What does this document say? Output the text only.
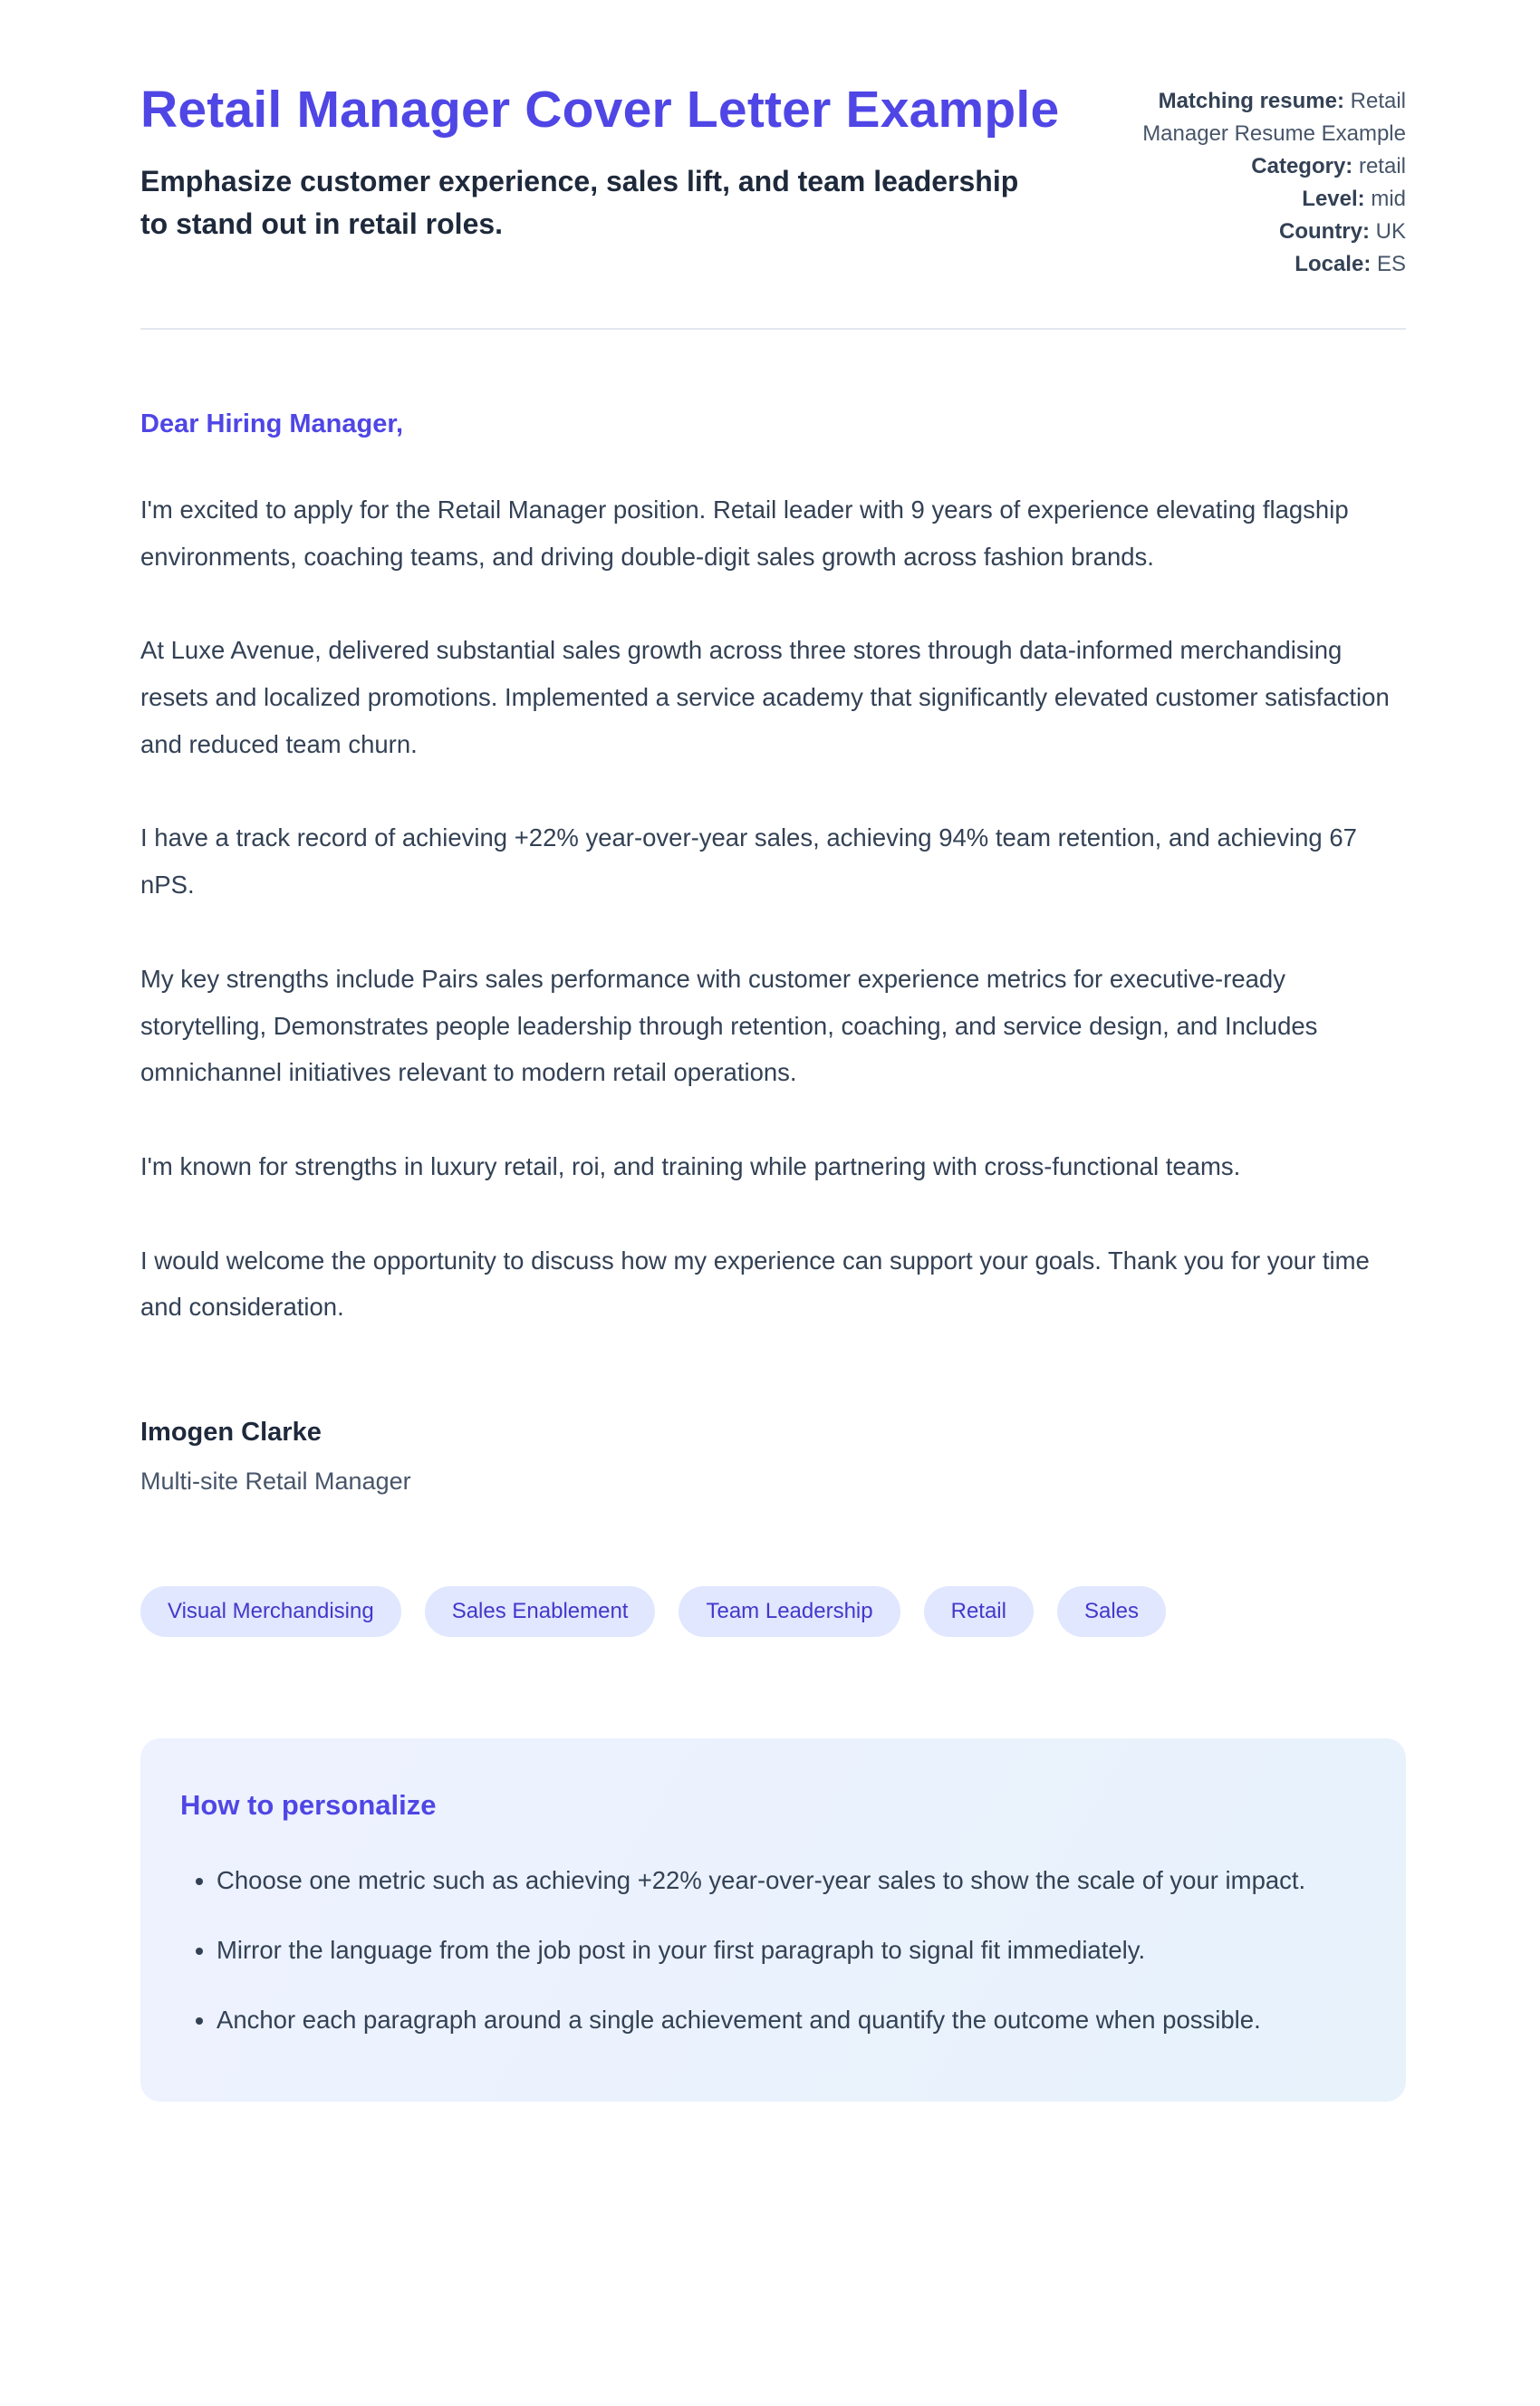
Retail Manager Cover Letter Example
Emphasize customer experience, sales lift, and team leadership to stand out in retail roles.
Matching resume: Retail Manager Resume Example
Category: retail
Level: mid
Country: UK
Locale: ES

Dear Hiring Manager,

I'm excited to apply for the Retail Manager position. Retail leader with 9 years of experience elevating flagship environments, coaching teams, and driving double-digit sales growth across fashion brands.

At Luxe Avenue, delivered substantial sales growth across three stores through data-informed merchandising resets and localized promotions. Implemented a service academy that significantly elevated customer satisfaction and reduced team churn.

I have a track record of achieving +22% year-over-year sales, achieving 94% team retention, and achieving 67 nPS.

My key strengths include Pairs sales performance with customer experience metrics for executive-ready storytelling, Demonstrates people leadership through retention, coaching, and service design, and Includes omnichannel initiatives relevant to modern retail operations.

I'm known for strengths in luxury retail, roi, and training while partnering with cross-functional teams.

I would welcome the opportunity to discuss how my experience can support your goals. Thank you for your time and consideration.

Imogen Clarke
Multi-site Retail Manager
Visual Merchandising	Sales Enablement	Team Leadership	Retail	Sales
How to personalize
• Choose one metric such as achieving +22% year-over-year sales to show the scale of your impact.
• Mirror the language from the job post in your first paragraph to signal fit immediately.
• Anchor each paragraph around a single achievement and quantify the outcome when possible.
